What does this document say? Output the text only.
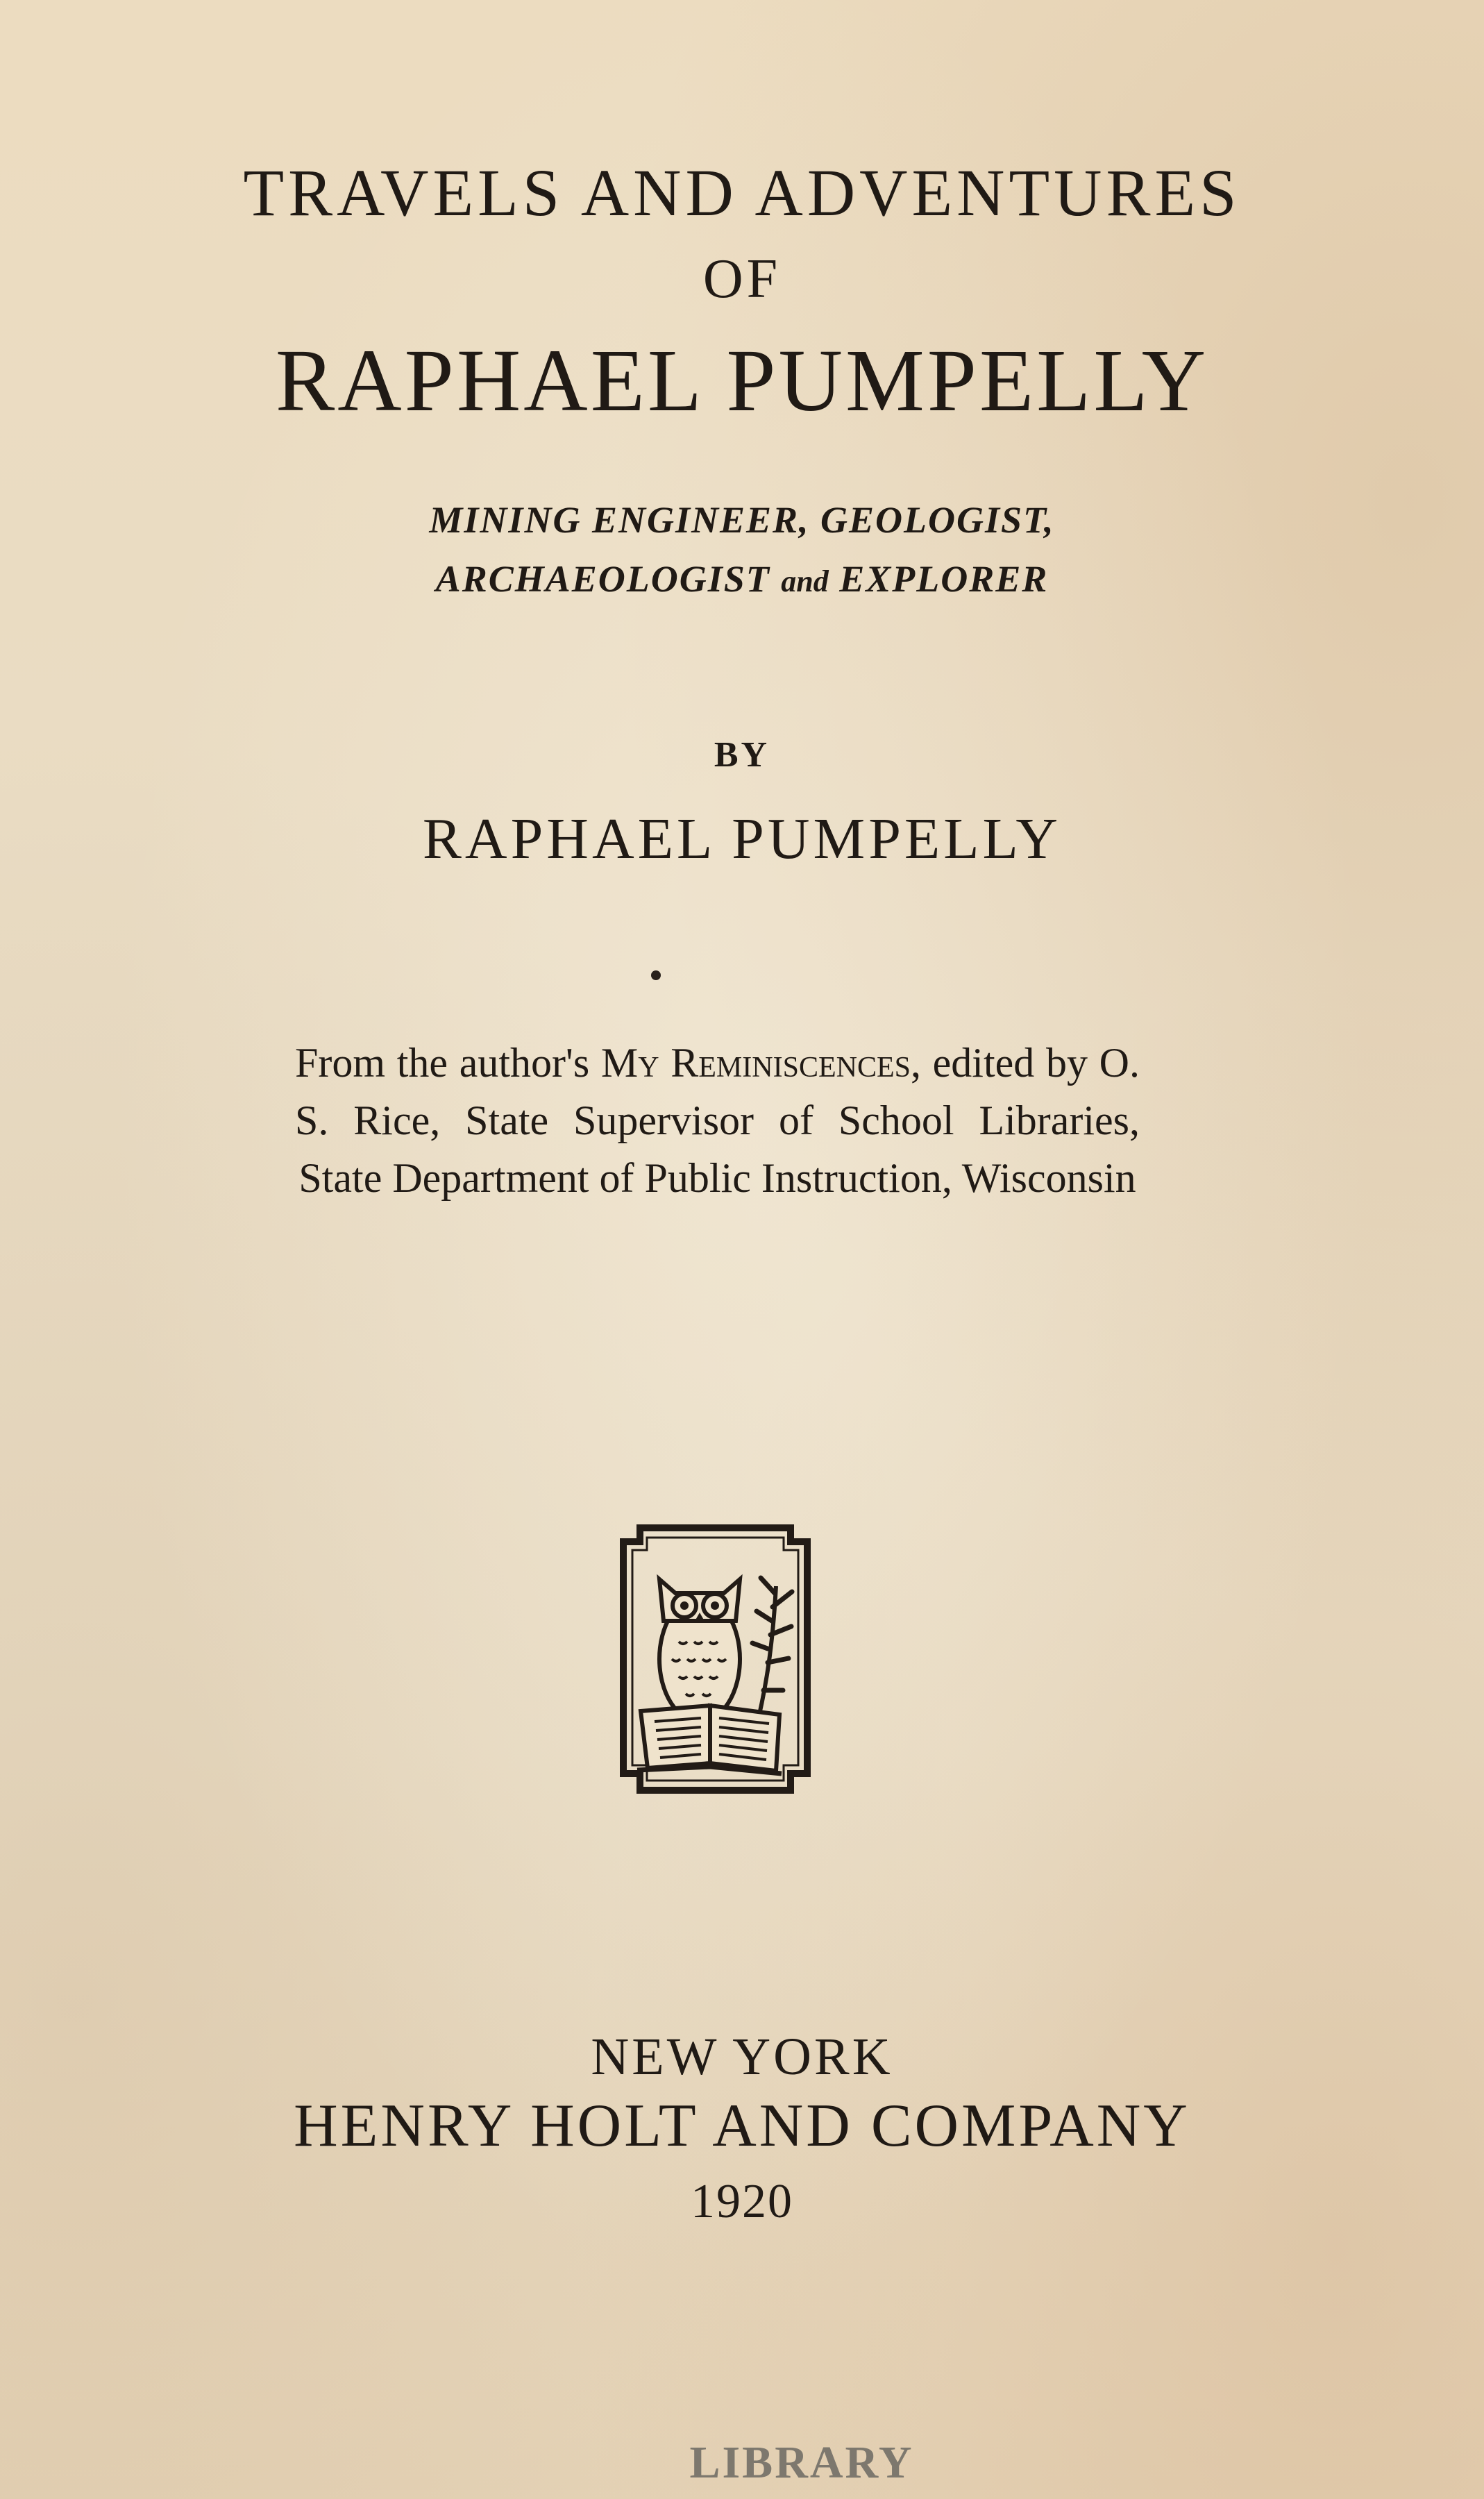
TRAVELS AND ADVENTURES
OF
RAPHAEL PUMPELLY
MINING ENGINEER, GEOLOGIST,
ARCHAEOLOGIST and EXPLORER
BY
RAPHAEL PUMPELLY
From the author's My Reminiscences, edited by O. S. Rice, State Supervisor of School Libraries, State Department of Public Instruction, Wisconsin
NEW YORK
HENRY HOLT AND COMPANY
1920
LIBRARY
